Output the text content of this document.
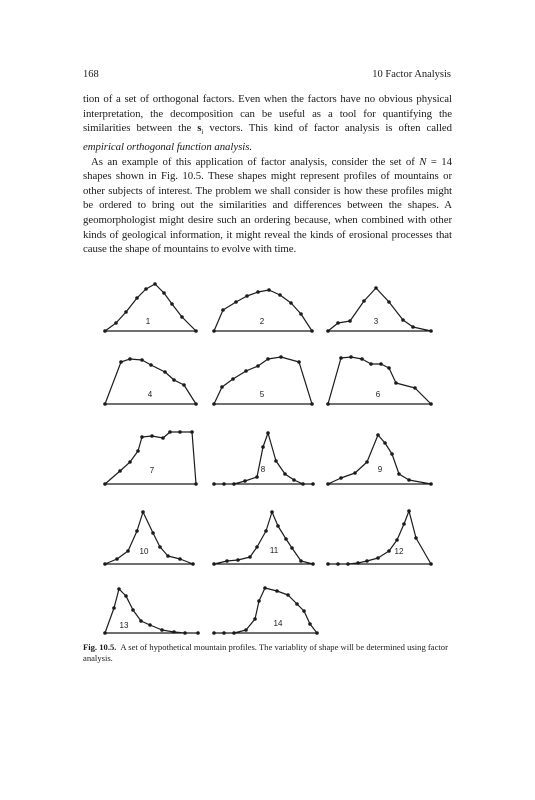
168	10 Factor Analysis

tion of a set of orthogonal factors. Even when the factors have no obvious physical interpretation, the decomposition can be useful as a tool for quantifying the similarities between the $s_i$ vectors. This kind of factor analysis is often called empirical orthogonal function analysis.

As an example of this application of factor analysis, consider the set of N = 14 shapes shown in Fig. 10.5. These shapes might represent profiles of mountains or other subjects of interest. The problem we shall consider is how these profiles might be ordered to bring out the similarities and differences between the shapes. A geomorphologist might desire such an ordering because, when combined with other kinds of geological information, it might reveal the kinds of erosional processes that cause the shape of mountains to evolve with time.

1	2	3
4	5	6
7	8	9
10	11	12
13	14
Fig. 10.5. A set of hypothetical mountain profiles. The variablity of shape will be determined using factor analysis.
